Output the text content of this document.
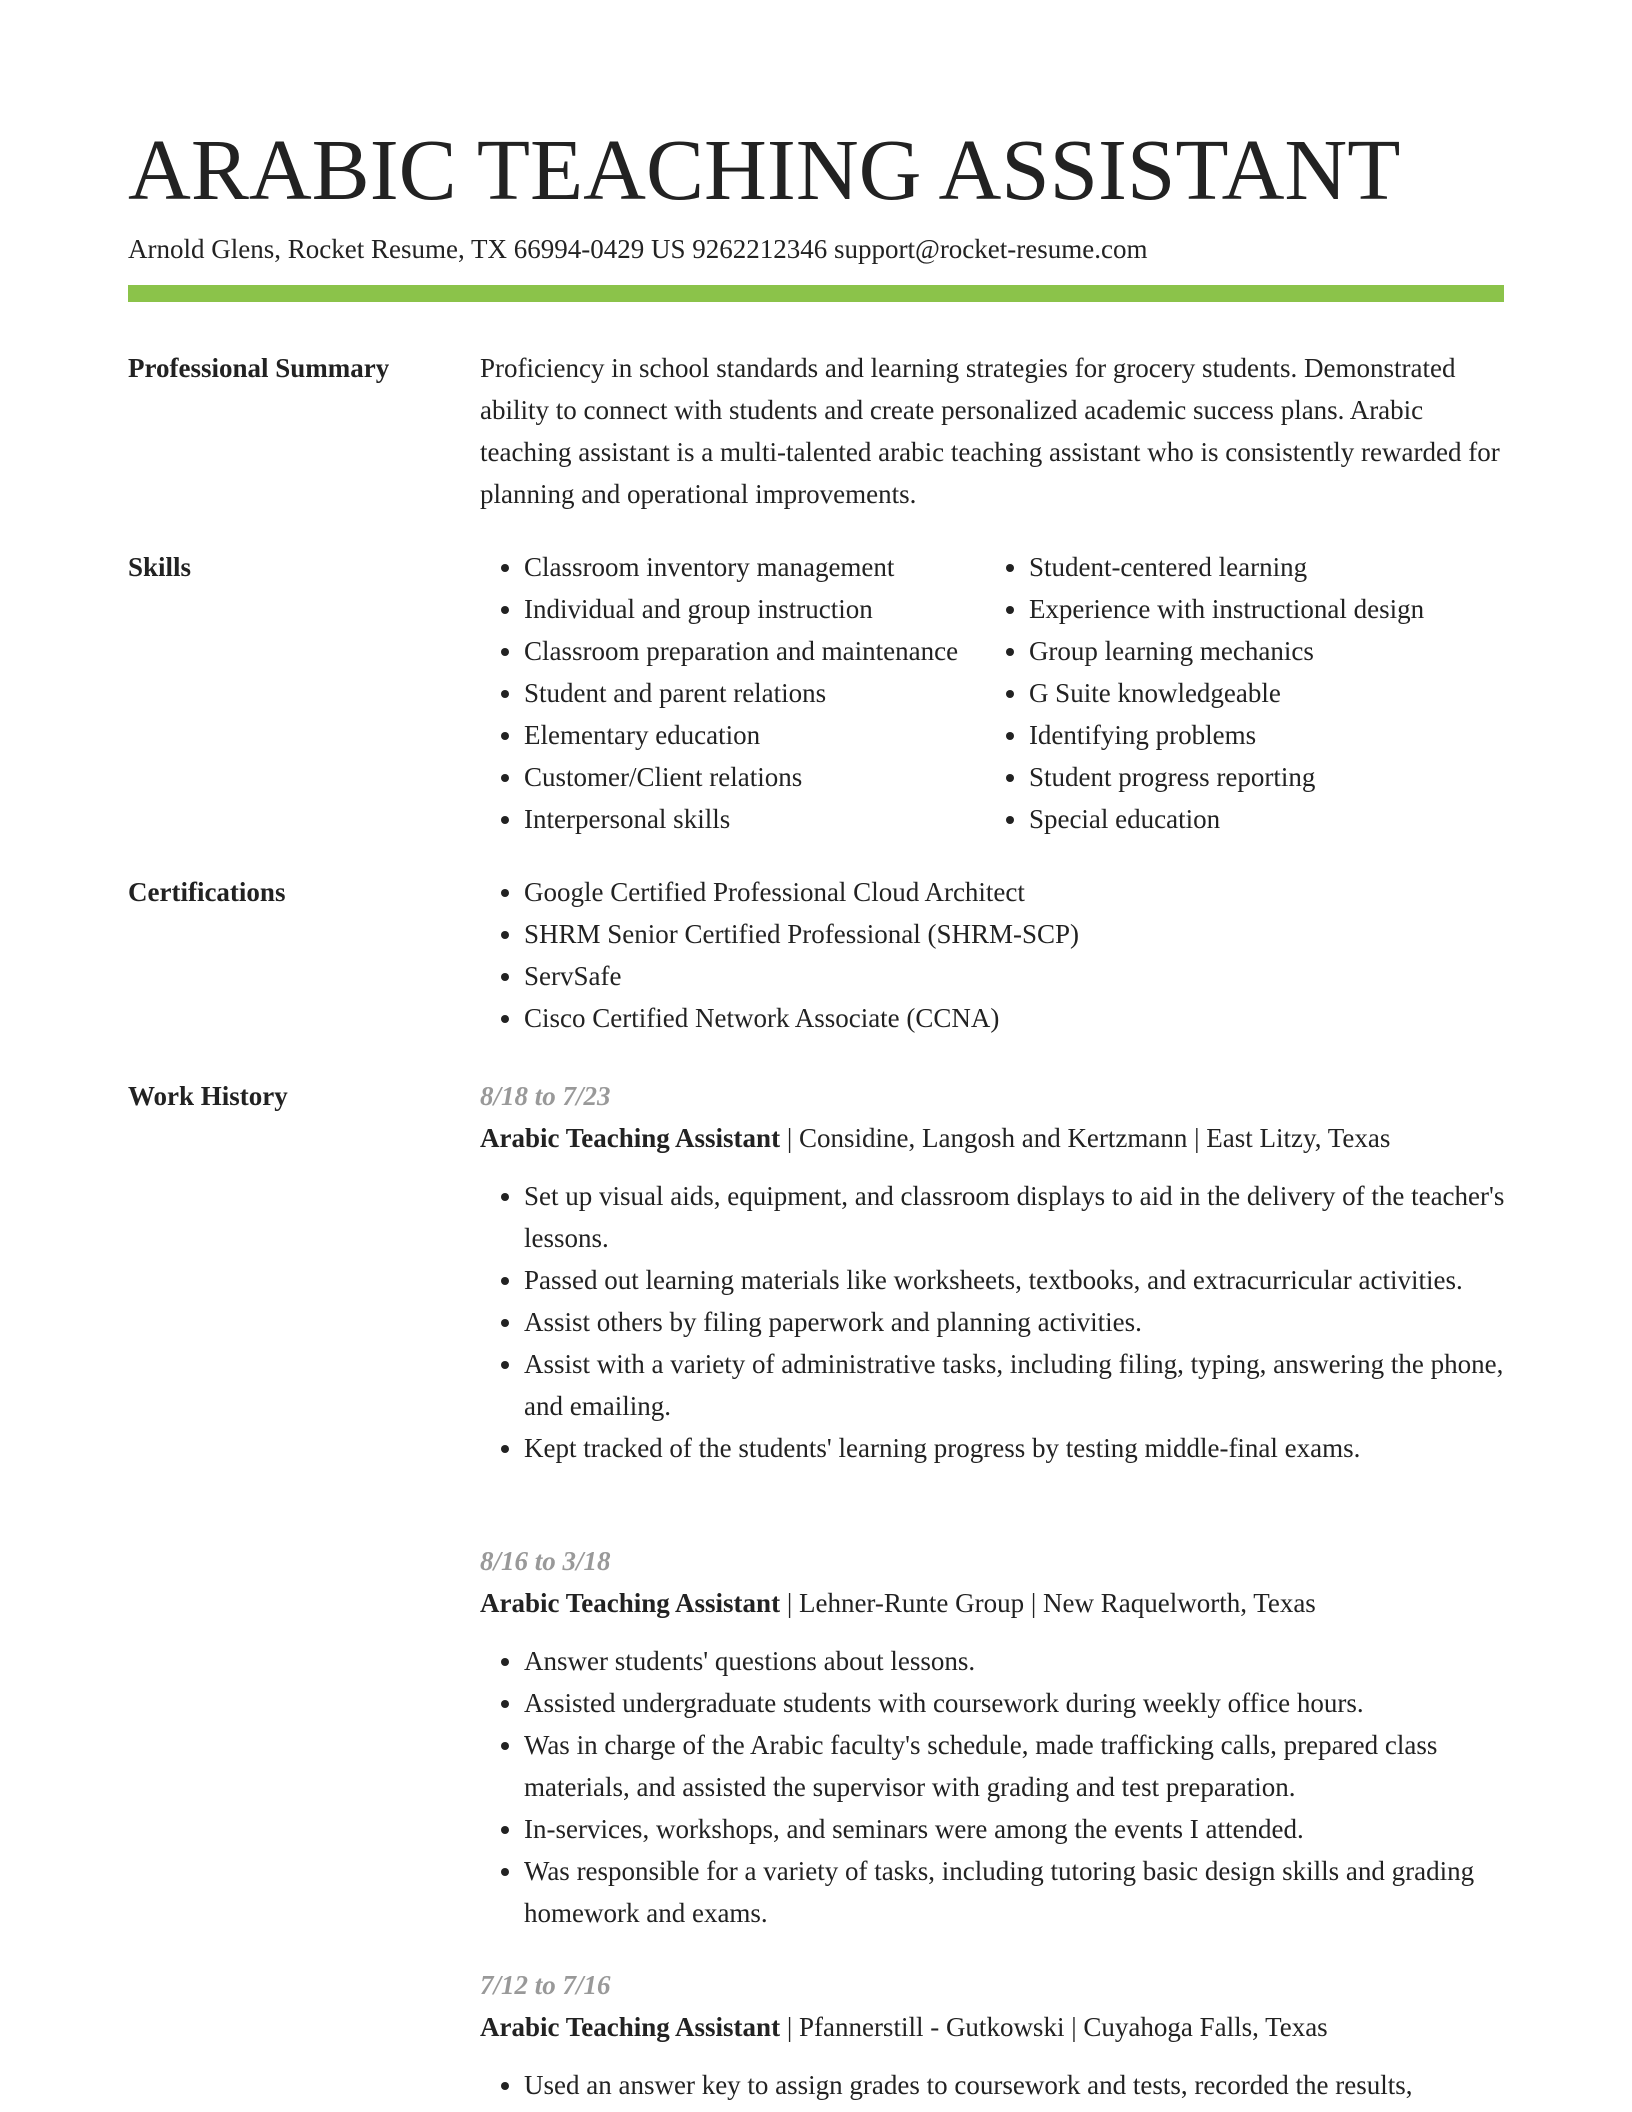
ARABIC TEACHING ASSISTANT
Arnold Glens, Rocket Resume, TX 66994-0429 US 9262212346 support@rocket-resume.com
Professional Summary	Proficiency in school standards and learning strategies for grocery students. Demonstrated ability to connect with students and create personalized academic success plans. Arabic teaching assistant is a multi-talented arabic teaching assistant who is consistently rewarded for planning and operational improvements.

Skills	• Classroom inventory management
• Individual and group instruction
• Classroom preparation and maintenance
• Student and parent relations
• Elementary education
• Customer/Client relations
• Interpersonal skills
• Student-centered learning
• Experience with instructional design
• Group learning mechanics
• G Suite knowledgeable
• Identifying problems
• Student progress reporting
• Special education
Certifications	• Google Certified Professional Cloud Architect
• SHRM Senior Certified Professional (SHRM-SCP)
• ServSafe
• Cisco Certified Network Associate (CCNA)
Work History	8/18 to 7/23

Arabic Teaching Assistant | Considine, Langosh and Kertzmann | East Litzy, Texas

• Set up visual aids, equipment, and classroom displays to aid in the delivery of the teacher's lessons.
• Passed out learning materials like worksheets, textbooks, and extracurricular activities.
• Assist others by filing paperwork and planning activities.
• Assist with a variety of administrative tasks, including filing, typing, answering the phone, and emailing.
• Kept tracked of the students' learning progress by testing middle-final exams.
8/16 to 3/18

Arabic Teaching Assistant | Lehner-Runte Group | New Raquelworth, Texas

• Answer students' questions about lessons.
• Assisted undergraduate students with coursework during weekly office hours.
• Was in charge of the Arabic faculty's schedule, made trafficking calls, prepared class materials, and assisted the supervisor with grading and test preparation.
• In-services, workshops, and seminars were among the events I attended.
• Was responsible for a variety of tasks, including tutoring basic design skills and grading homework and exams.
7/12 to 7/16

Arabic Teaching Assistant | Pfannerstill - Gutkowski | Cuyahoga Falls, Texas

• Used an answer key to assign grades to coursework and tests, recorded the results,
